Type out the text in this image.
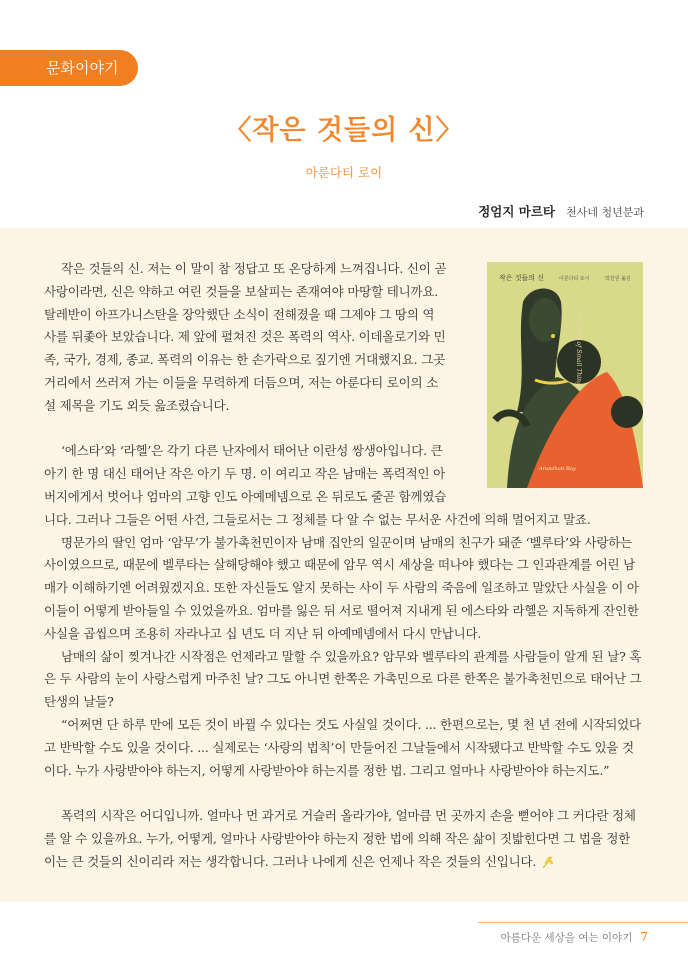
문화이야기
〈작은 것들의 신〉
아룬다티 로이
정엄지 마르타 천사네 청년분과
작은 것들의 신	아룬다티 로이	박찬원 옮김
The God of Small Things
Arundhati Roy

작은 것들의 신. 저는 이 말이 참 정답고 또 온당하게 느껴집니다. 신이 곧

사랑이라면, 신은 약하고 여린 것들을 보살피는 존재여야 마땅할 테니까요.

탈레반이 아프가니스탄을 장악했단 소식이 전해졌을 때 그제야 그 땅의 역

사를 뒤좇아 보았습니다. 제 앞에 펼쳐진 것은 폭력의 역사. 이데올로기와 민

족, 국가, 경제, 종교. 폭력의 이유는 한 손가락으로 짚기엔 거대했지요. 그곳

거리에서 쓰러져 가는 이들을 무력하게 더듬으며, 저는 아룬다티 로이의 소

설 제목을 기도 외듯 읊조렸습니다.

‘에스타’와 ‘라헬’은 각기 다른 난자에서 태어난 이란성 쌍생아입니다. 큰

아기 한 명 대신 태어난 작은 아기 두 명. 이 여리고 작은 남매는 폭력적인 아

버지에게서 벗어나 엄마의 고향 인도 아예메넴으로 온 뒤로도 줄곧 함께였습

니다. 그러나 그들은 어떤 사건, 그들로서는 그 정체를 다 알 수 없는 무서운 사건에 의해 멀어지고 말죠.

명문가의 딸인 엄마 ‘암무’가 불가촉천민이자 남매 집안의 일꾼이며 남매의 친구가 돼준 ‘벨루타’와 사랑하는 사이였으므로, 때문에 벨루타는 살해당해야 했고 때문에 암무 역시 세상을 떠나야 했다는 그 인과관계를 어린 남매가 이해하기엔 어려웠겠지요. 또한 자신들도 알지 못하는 사이 두 사람의 죽음에 일조하고 말았단 사실을 이 아이들이 어떻게 받아들일 수 있었을까요. 엄마를 잃은 뒤 서로 떨어져 지내게 된 에스타와 라헬은 지독하게 잔인한 사실을 곱씹으며 조용히 자라나고 십 년도 더 지난 뒤 아예메넴에서 다시 만납니다.

남매의 삶이 찢겨나간 시작점은 언제라고 말할 수 있을까요? 암무와 벨루타의 관계를 사람들이 알게 된 날? 혹은 두 사람의 눈이 사랑스럽게 마주친 날? 그도 아니면 한쪽은 가촉민으로 다른 한쪽은 불가촉천민으로 태어난 그 탄생의 날들?

“어쩌면 단 하루 만에 모든 것이 바뀔 수 있다는 것도 사실일 것이다. ... 한편으로는, 몇 천 년 전에 시작되었다고 반박할 수도 있을 것이다. ... 실제로는 ‘사랑의 법칙’이 만들어진 그날들에서 시작됐다고 반박할 수도 있을 것이다. 누가 사랑받아야 하는지, 어떻게 사랑받아야 하는지를 정한 법. 그리고 얼마나 사랑받아야 하는지도.”

폭력의 시작은 어디입니까. 얼마나 먼 과거로 거슬러 올라가야, 얼마큼 먼 곳까지 손을 뻗어야 그 커다란 정체를 알 수 있을까요. 누가, 어떻게, 얼마나 사랑받아야 하는지 정한 법에 의해 작은 삶이 짓밟힌다면 그 법을 정한 이는 큰 것들의 신이리라 저는 생각합니다. 그러나 나에게 신은 언제나 작은 것들의 신입니다.

아름다운 세상을 여는 이야기 7
